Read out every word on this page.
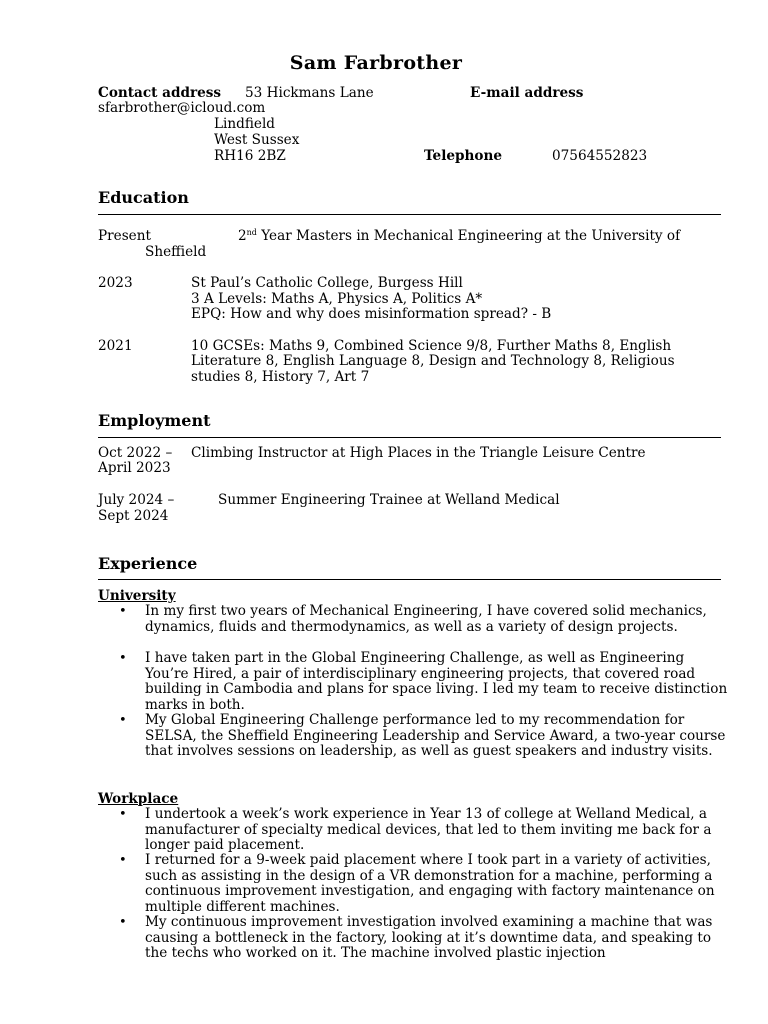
Sam Farbrother
Contact address 53 Hickmans Lane	E-mail address
sfarbrother@icloud.com
Lindfield
West Sussex
RH16 2BZ	Telephone	07564552823
Education
Present	2nd Year Masters in Mechanical Engineering at the University of
Sheffield
2023	St Paul’s Catholic College, Burgess Hill
3 A Levels: Maths A, Physics A, Politics A*
EPQ: How and why does misinformation spread? - B
2021	10 GCSEs: Maths 9, Combined Science 9/8, Further Maths 8, English
Literature 8, English Language 8, Design and Technology 8, Religious
studies 8, History 7, Art 7
Employment
Oct 2022 –
April 2023
Climbing Instructor at High Places in the Triangle Leisure Centre
July 2024 –
Sept 2024
Summer Engineering Trainee at Welland Medical
Experience
University
• In my first two years of Mechanical Engineering, I have covered solid mechanics, dynamics, fluids and thermodynamics, as well as a variety of design projects.
• I have taken part in the Global Engineering Challenge, as well as Engineering You’re Hired, a pair of interdisciplinary engineering projects, that covered road building in Cambodia and plans for space living. I led my team to receive distinction marks in both.
• My Global Engineering Challenge performance led to my recommendation for SELSA, the Sheffield Engineering Leadership and Service Award, a two-year course that involves sessions on leadership, as well as guest speakers and industry visits.
Workplace
• I undertook a week’s work experience in Year 13 of college at Welland Medical, a manufacturer of specialty medical devices, that led to them inviting me back for a longer paid placement.
• I returned for a 9-week paid placement where I took part in a variety of activities, such as assisting in the design of a VR demonstration for a machine, performing a continuous improvement investigation, and engaging with factory maintenance on multiple different machines.
• My continuous improvement investigation involved examining a machine that was causing a bottleneck in the factory, looking at it’s downtime data, and speaking to the techs who worked on it. The machine involved plastic injection
